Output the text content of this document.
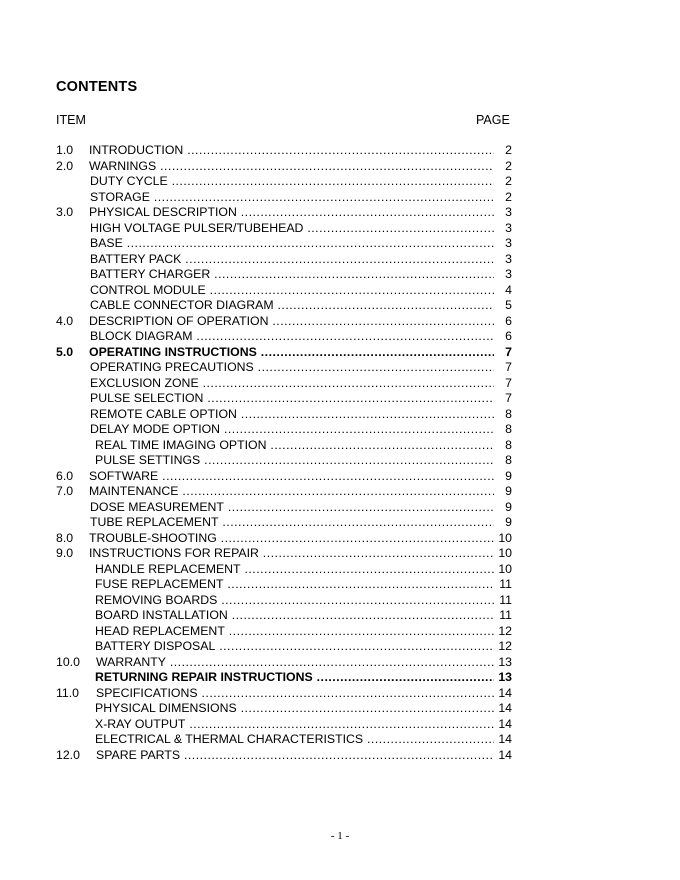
CONTENTS
ITEM	PAGE
1.0 INTRODUCTION .....	2
2.0 WARNINGS .....	2
DUTY CYCLE .....	2
STORAGE .....	2
3.0 PHYSICAL DESCRIPTION .....	3
HIGH VOLTAGE PULSER/TUBEHEAD .....	3
BASE .....	3
BATTERY PACK .....	3
BATTERY CHARGER .....	3
CONTROL MODULE .....	4
CABLE CONNECTOR DIAGRAM .....	5
4.0 DESCRIPTION OF OPERATION .....	6
BLOCK DIAGRAM .....	6
5.0 OPERATING INSTRUCTIONS .....	7
OPERATING PRECAUTIONS .....	7
EXCLUSION ZONE .....	7
PULSE SELECTION .....	7
REMOTE CABLE OPTION .....	8
DELAY MODE OPTION .....	8
REAL TIME IMAGING OPTION .....	8
PULSE SETTINGS .....	8
6.0 SOFTWARE .....	9
7.0 MAINTENANCE .....	9
DOSE MEASUREMENT .....	9
TUBE REPLACEMENT .....	9
8.0 TROUBLE-SHOOTING .....	10
9.0 INSTRUCTIONS FOR REPAIR .....	10
HANDLE REPLACEMENT .....	10
FUSE REPLACEMENT .....	11
REMOVING BOARDS .....	11
BOARD INSTALLATION .....	11
HEAD REPLACEMENT .....	12
BATTERY DISPOSAL .....	12
10.0 WARRANTY .....	13
RETURNING REPAIR INSTRUCTIONS .....	13
11.0 SPECIFICATIONS .....	14
PHYSICAL DIMENSIONS .....	14
X-RAY OUTPUT .....	14
ELECTRICAL & THERMAL CHARACTERISTICS .....	14
12.0 SPARE PARTS .....	14
- 1 -
